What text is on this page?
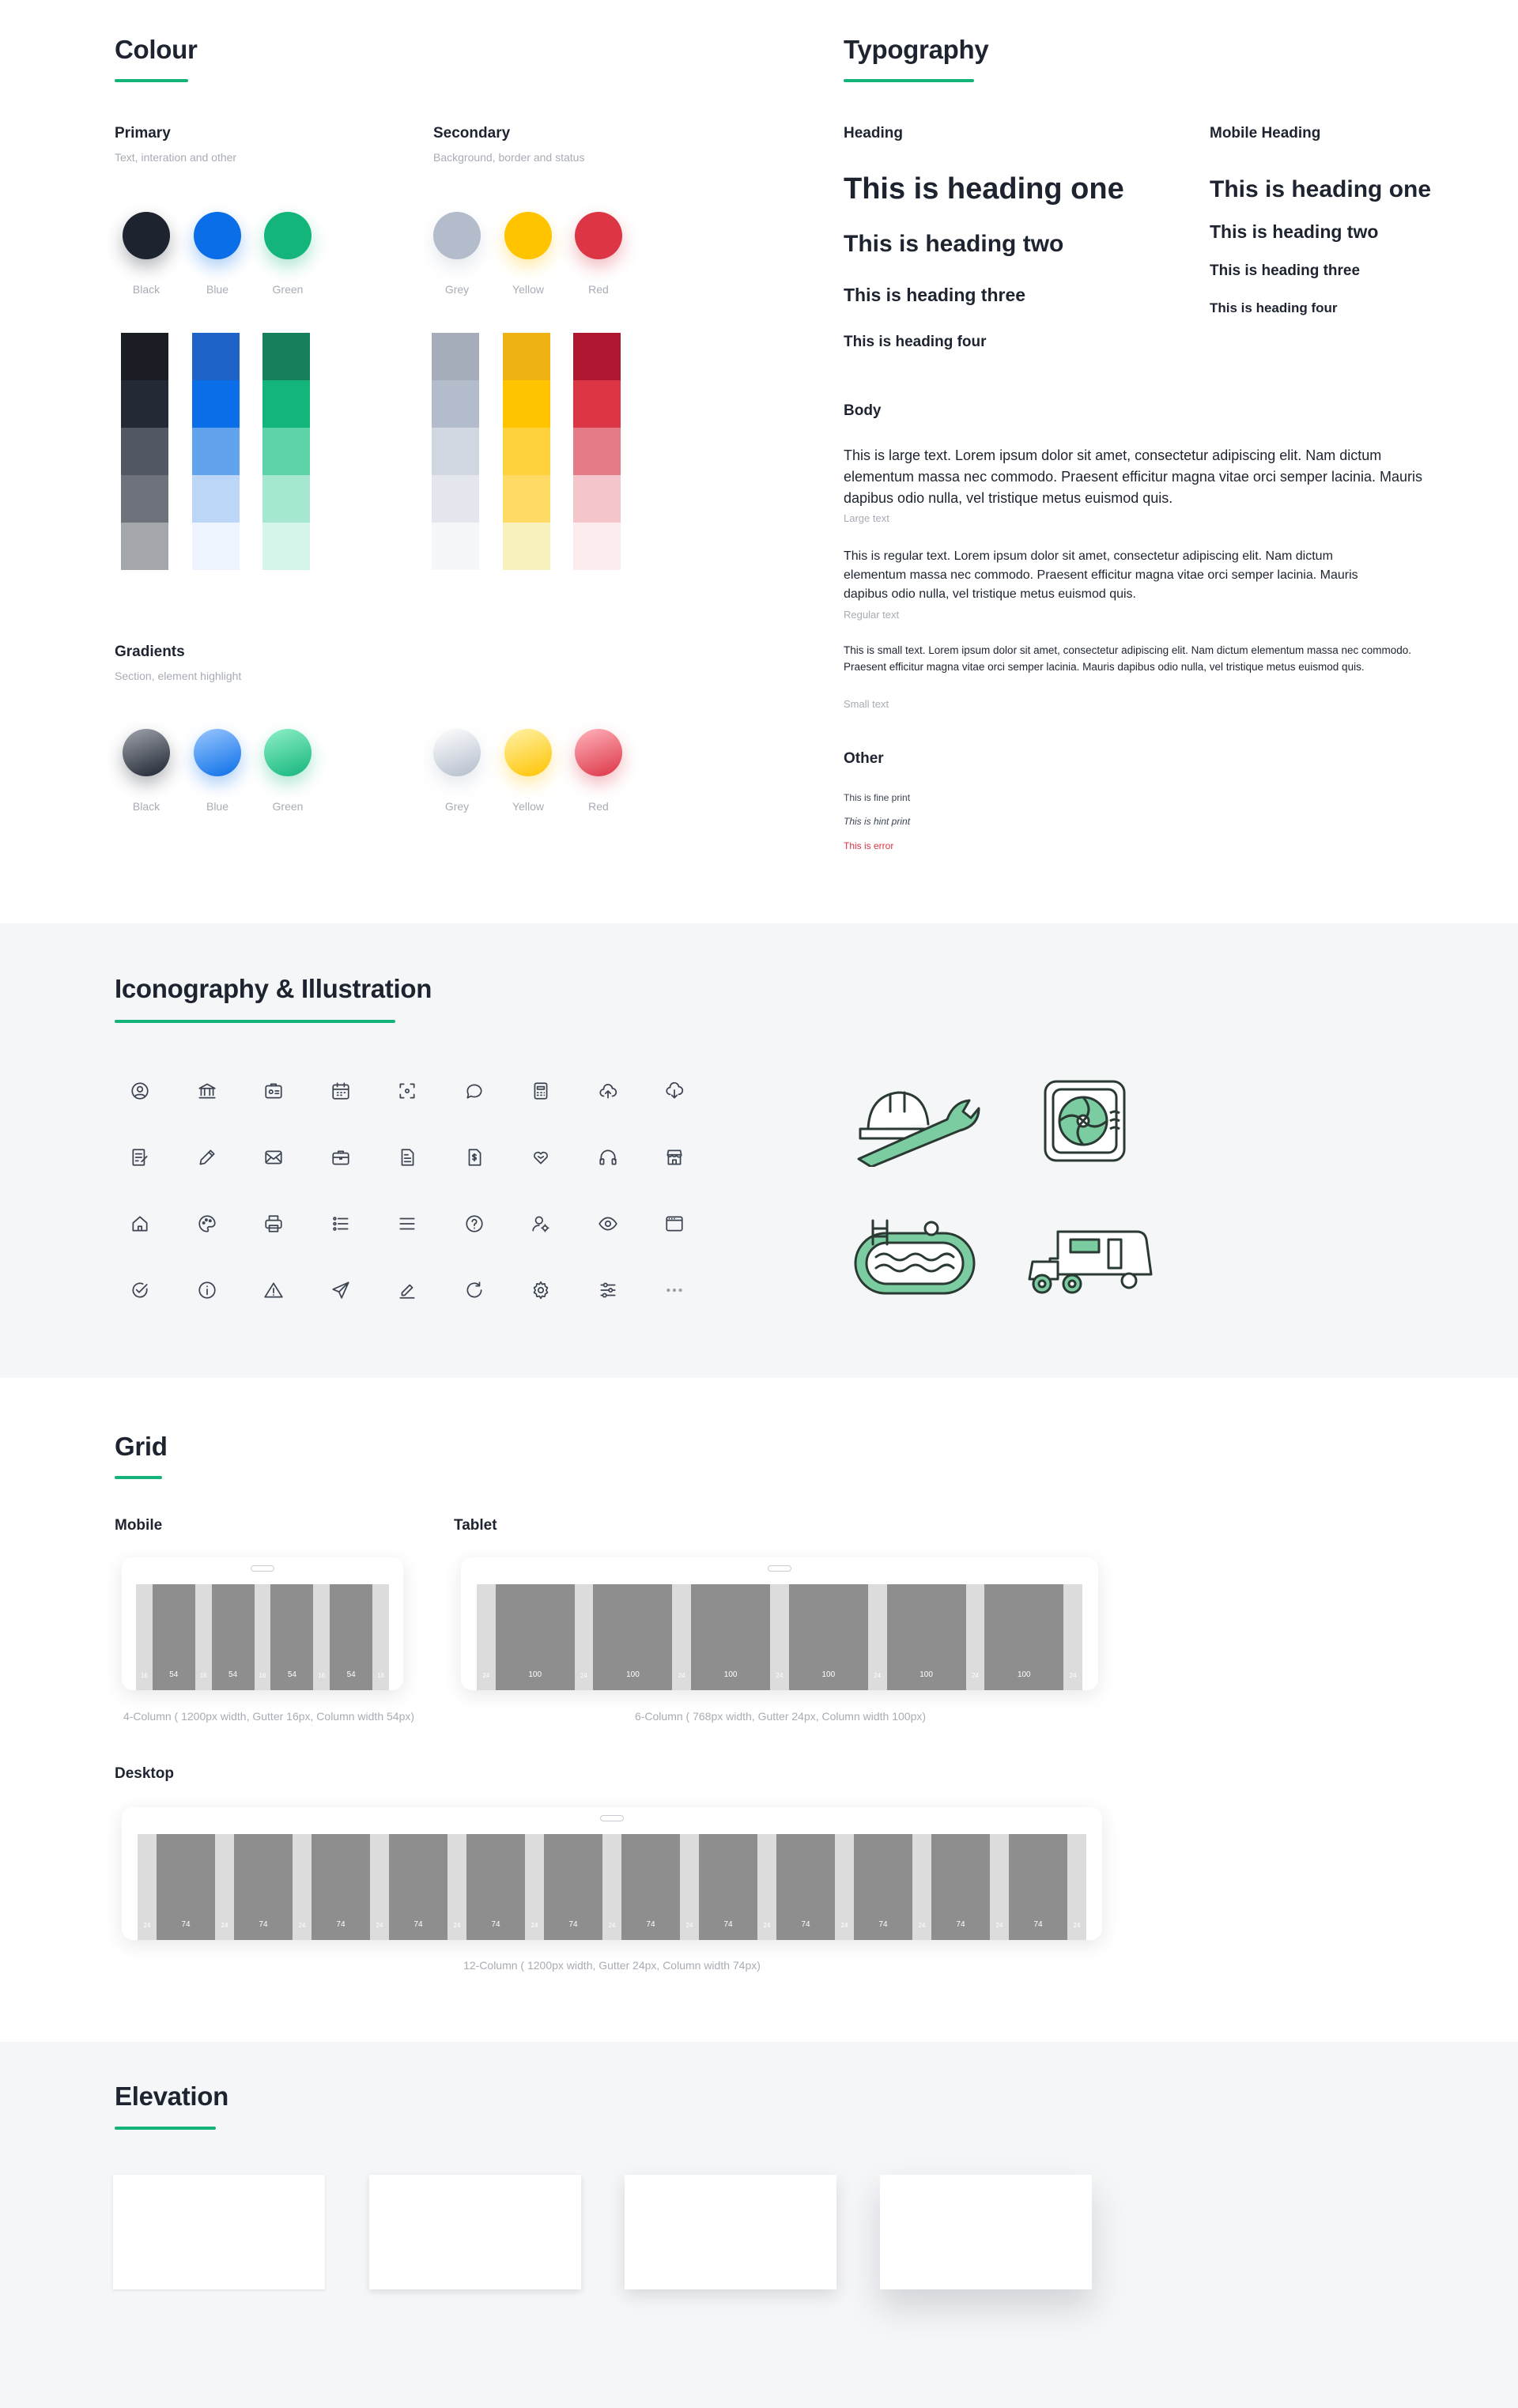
Colour
Primary
Text, interation and other
Secondary
Background, border and status
Black	Blue	Green	Grey	Yellow	Red
Gradients
Section, element highlight
Black	Blue	Green	Grey	Yellow	Red
Typography
Heading
This is heading one
This is heading two
This is heading three
This is heading four
Mobile Heading
This is heading one
This is heading two
This is heading three
This is heading four
Body
This is large text. Lorem ipsum dolor sit amet, consectetur adipiscing elit. Nam dictum elementum massa nec commodo. Praesent efficitur magna vitae orci semper lacinia. Mauris dapibus odio nulla, vel tristique metus euismod quis.
Large text
This is regular text. Lorem ipsum dolor sit amet, consectetur adipiscing elit. Nam dictum elementum massa nec commodo. Praesent efficitur magna vitae orci semper lacinia. Mauris dapibus odio nulla, vel tristique metus euismod quis.
Regular text
This is small text. Lorem ipsum dolor sit amet, consectetur adipiscing elit. Nam dictum elementum massa nec commodo. Praesent efficitur magna vitae orci semper lacinia. Mauris dapibus odio nulla, vel tristique metus euismod quis.
Small text
Other
This is fine print
This is hint print
This is error
Iconography & Illustration
Grid
Mobile	Tablet
Desktop
16	54	16	54	16	54	16	54	16	24	100	24	100	24	100	24	100	24	100	24	100	24
24	74	24	74	24	74	24	74	24	74	24	74	24	74	24	74	24	74	24	74	24	74	24	74	24
4-Column ( 1200px width, Gutter 16px, Column width 54px)	6-Column ( 768px width, Gutter 24px, Column width 100px)
12-Column ( 1200px width, Gutter 24px, Column width 74px)
Elevation
